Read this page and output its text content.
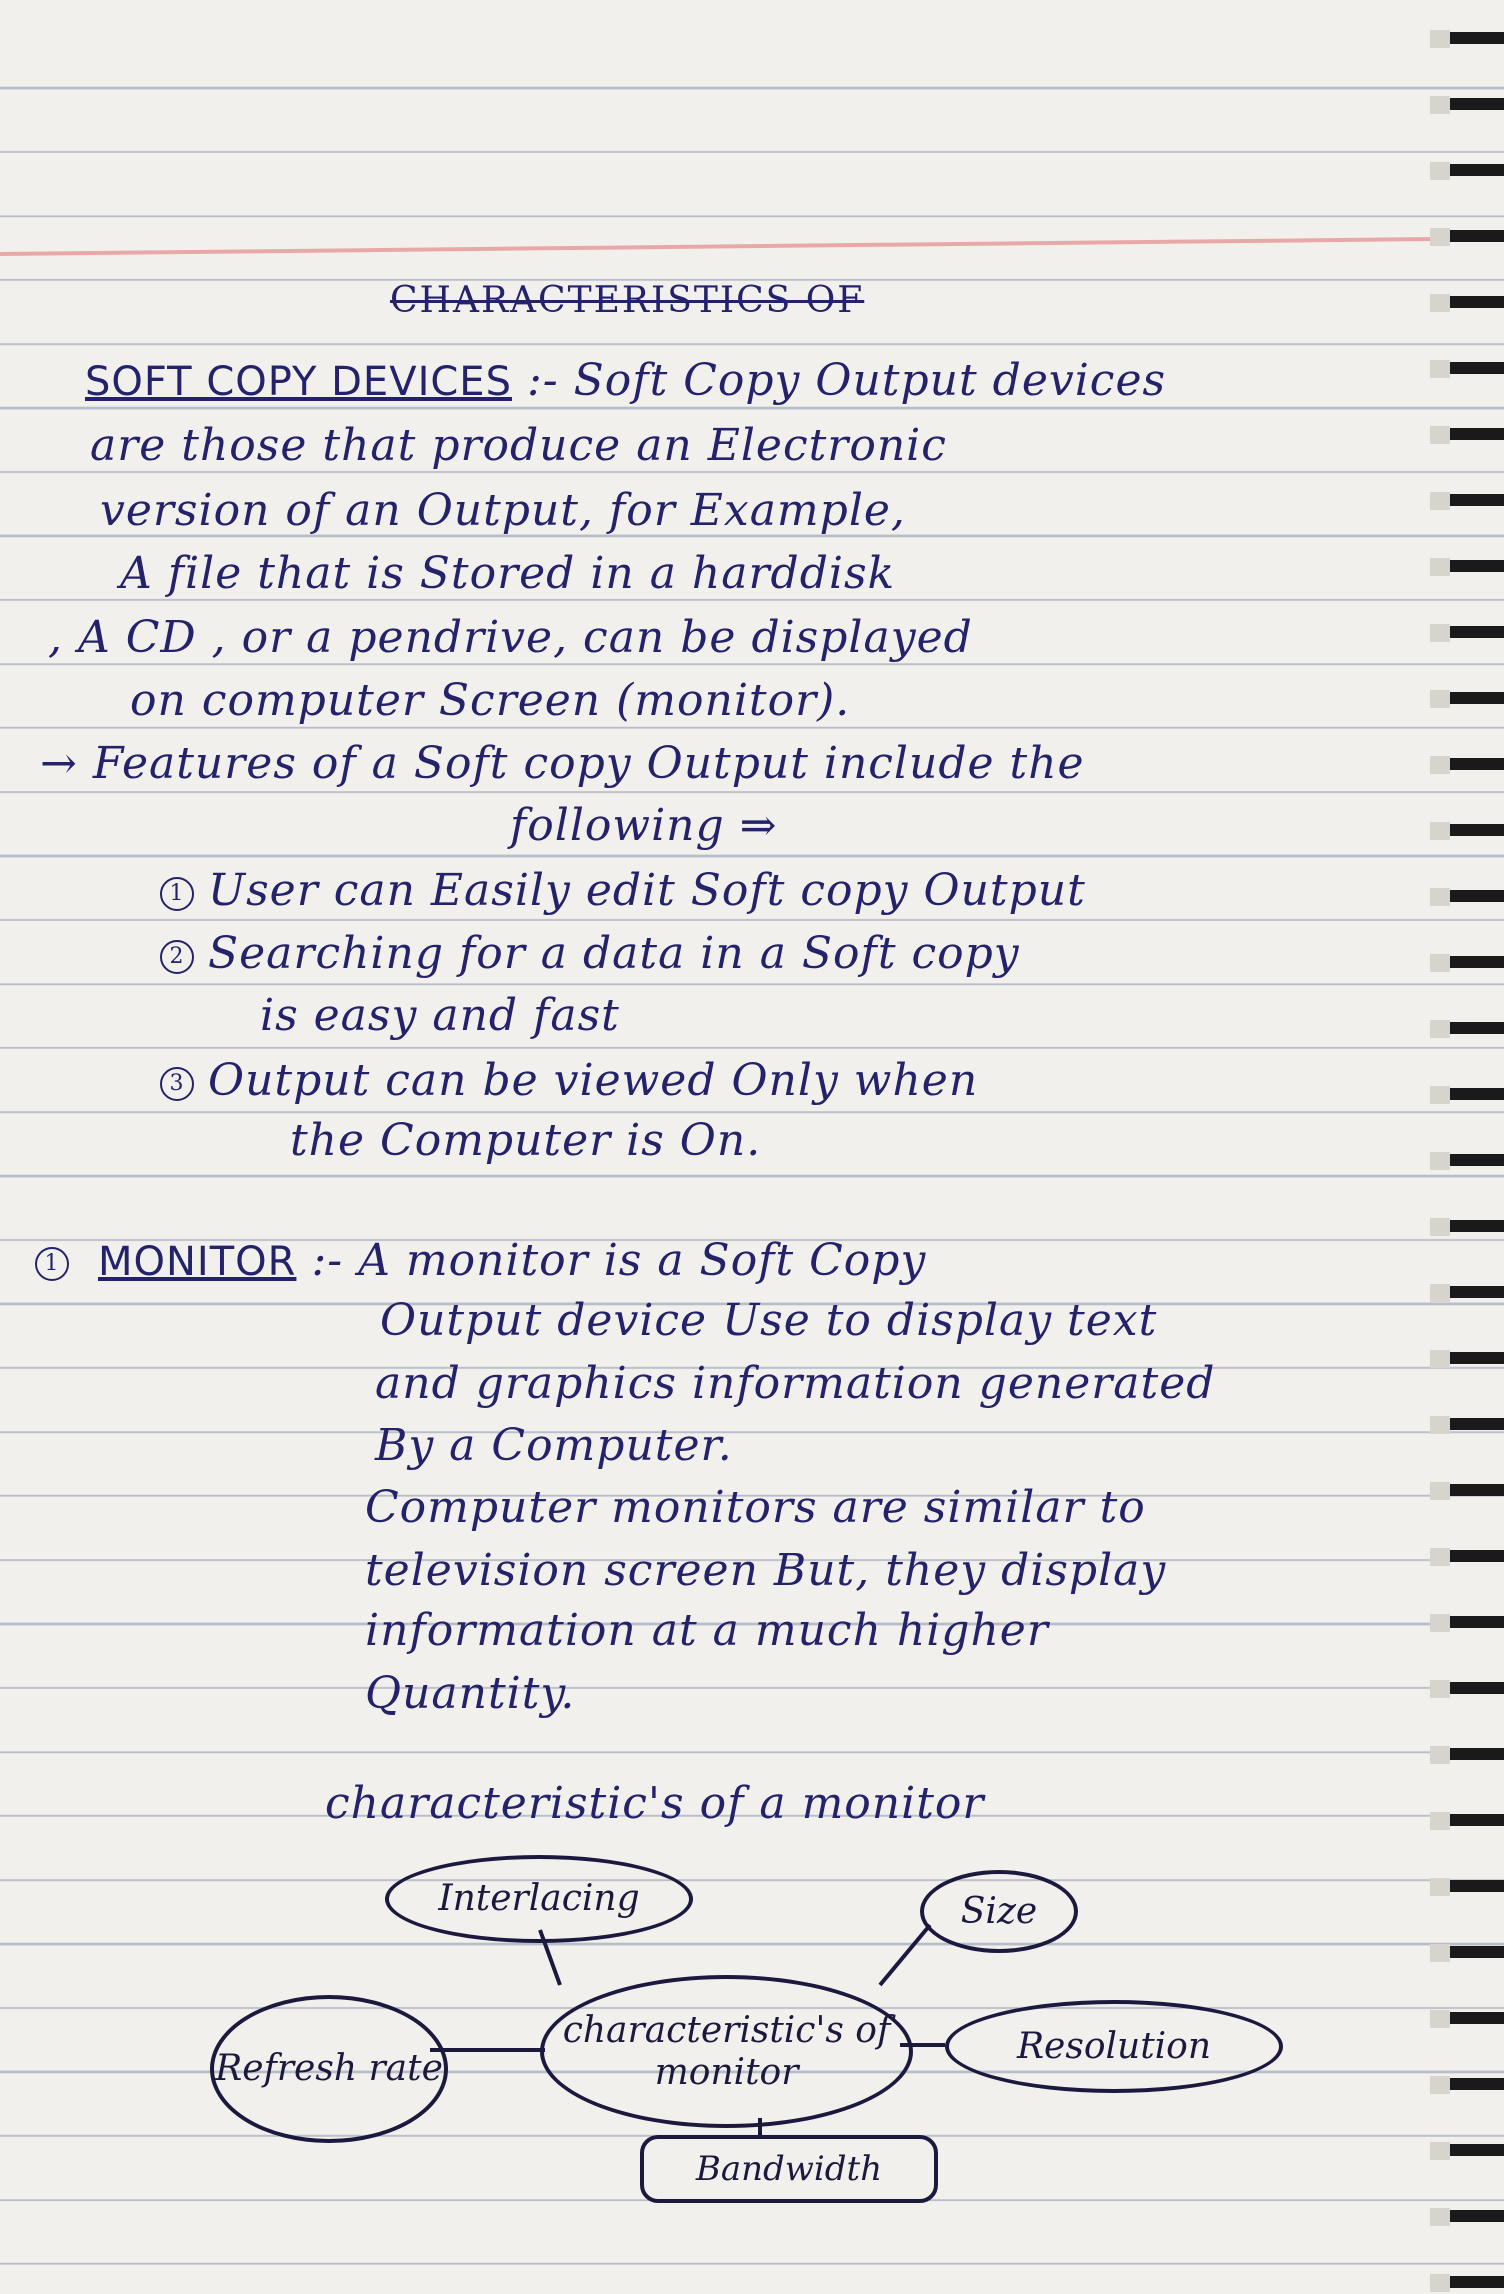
CHARACTERISTICS OF
SOFT COPY DEVICES :- Soft Copy Output devices
are those that produce an Electronic
version of an Output, for Example,
A file that is Stored in a harddisk
, A CD , or a pendrive, can be displayed
on computer Screen (monitor).
→ Features of a Soft copy Output include the
following ⇒
1 User can Easily edit Soft copy Output
2 Searching for a data in a Soft copy
is easy and fast
3 Output can be viewed Only when
the Computer is On.
1 MONITOR :- A monitor is a Soft Copy
Output device Use to display text
and graphics information generated
By a Computer.
Computer monitors are similar to
television screen But, they display
information at a much higher
Quantity.
characteristic's of a monitor
Interlacing	Size
characteristic's of monitor
Refresh rate
Resolution
Bandwidth
